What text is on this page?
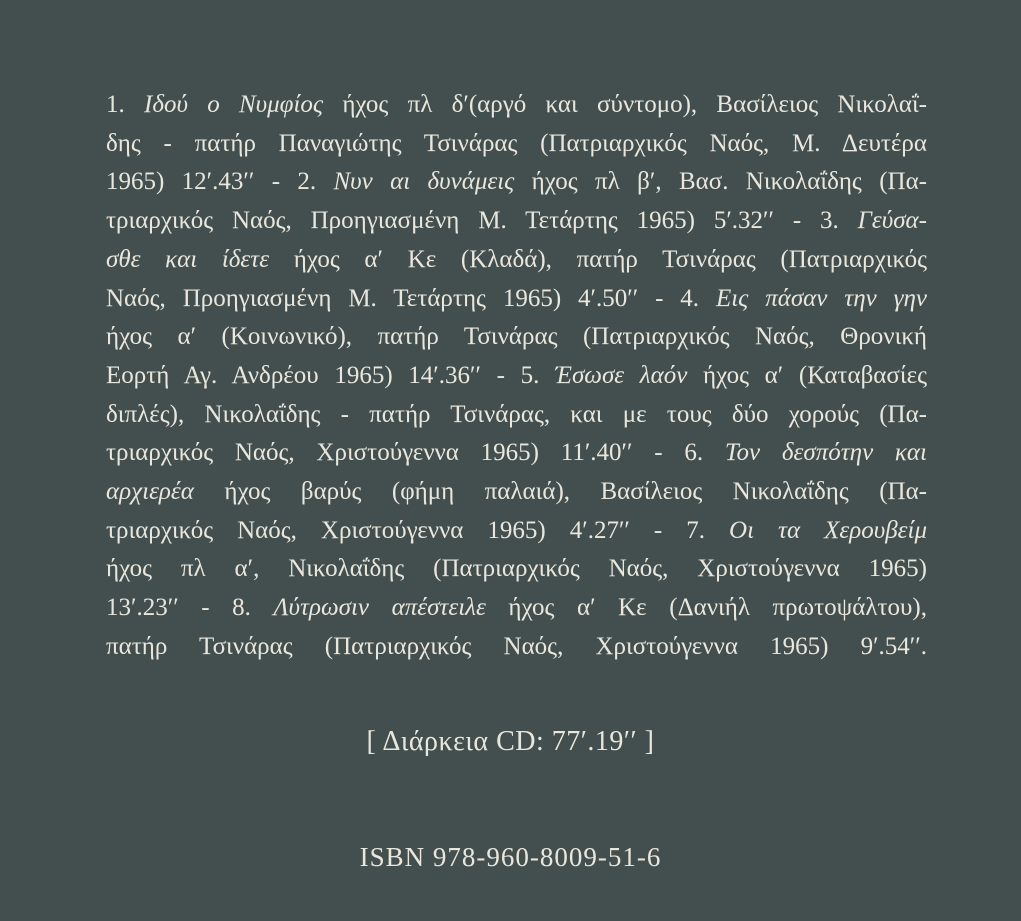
1. Ιδού ο Νυμφίος ήχος πλ δ′(αργό και σύντομο), Βασίλειος Νικολαΐ-
δης - πατήρ Παναγιώτης Τσινάρας (Πατριαρχικός Ναός, Μ. Δευτέρα
1965) 12′.43′′ - 2. Νυν αι δυνάμεις ήχος πλ β′, Βασ. Νικολαΐδης (Πα-
τριαρχικός Ναός, Προηγιασμένη Μ. Τετάρτης 1965) 5′.32′′ - 3. Γεύσα-
σθε και ίδετε ήχος α′ Κε (Κλαδά), πατήρ Τσινάρας (Πατριαρχικός
Ναός, Προηγιασμένη Μ. Τετάρτης 1965) 4′.50′′ - 4. Εις πάσαν την γην
ήχος α′ (Κοινωνικό), πατήρ Τσινάρας (Πατριαρχικός Ναός, Θρονική
Εορτή Αγ. Ανδρέου 1965) 14′.36′′ - 5. Έσωσε λαόν ήχος α′ (Καταβασίες
διπλές), Νικολαΐδης - πατήρ Τσινάρας, και με τους δύο χορούς (Πα-
τριαρχικός Ναός, Χριστούγεννα 1965) 11′.40′′ - 6. Τον δεσπότην και
αρχιερέα ήχος βαρύς (φήμη παλαιά), Βασίλειος Νικολαΐδης (Πα-
τριαρχικός Ναός, Χριστούγεννα 1965) 4′.27′′ - 7. Οι τα Χερουβείμ
ήχος πλ α′, Νικολαΐδης (Πατριαρχικός Ναός, Χριστούγεννα 1965)
13′.23′′ - 8. Λύτρωσιν απέστειλε ήχος α′ Κε (Δανιήλ πρωτοψάλτου),
πατήρ Τσινάρας (Πατριαρχικός Ναός, Χριστούγεννα 1965) 9′.54′′.
[ Διάρκεια CD: 77′.19′′ ]
ISBN 978-960-8009-51-6
